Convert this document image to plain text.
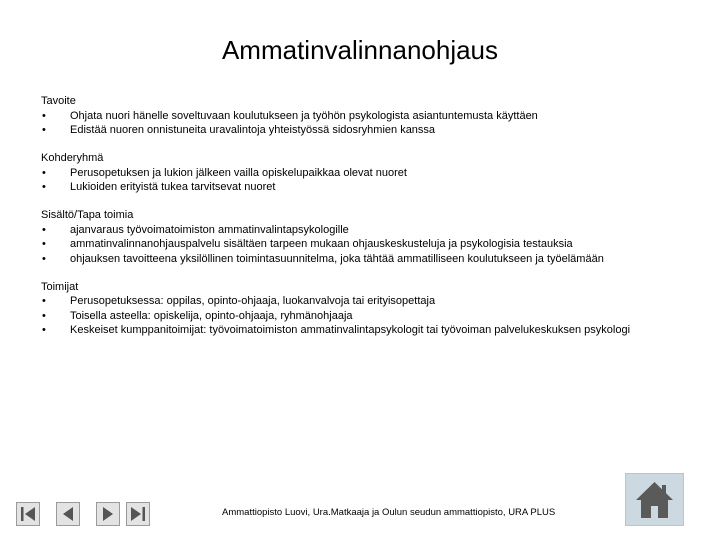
Ammatinvalinnanohjaus
Tavoite
•	Ohjata nuori hänelle soveltuvaan koulutukseen ja työhön psykologista asiantuntemusta käyttäen
•	Edistää nuoren onnistuneita uravalintoja yhteistyössä sidosryhmien kanssa
Kohderyhmä
•	Perusopetuksen ja lukion jälkeen vailla opiskelupaikkaa olevat nuoret
•	Lukioiden erityistä tukea tarvitsevat nuoret
Sisältö/Tapa toimia
•	ajanvaraus työvoimatoimiston ammatinvalintapsykologille
•	ammatinvalinnanohjauspalvelu sisältäen tarpeen mukaan ohjauskeskusteluja ja psykologisia testauksia
•	ohjauksen tavoitteena yksilöllinen toimintasuunnitelma, joka tähtää ammatilliseen koulutukseen ja työelämään
Toimijat
•	Perusopetuksessa: oppilas, opinto-ohjaaja, luokanvalvoja tai erityisopettaja
•	Toisella asteella: opiskelija, opinto-ohjaaja, ryhmänohjaaja
•	Keskeiset kumppanitoimijat: työvoimatoimiston ammatinvalintapsykologit tai työvoiman palvelukeskuksen psykologi
Ammattiopisto Luovi, Ura.Matkaaja ja Oulun seudun ammattiopisto, URA PLUS
